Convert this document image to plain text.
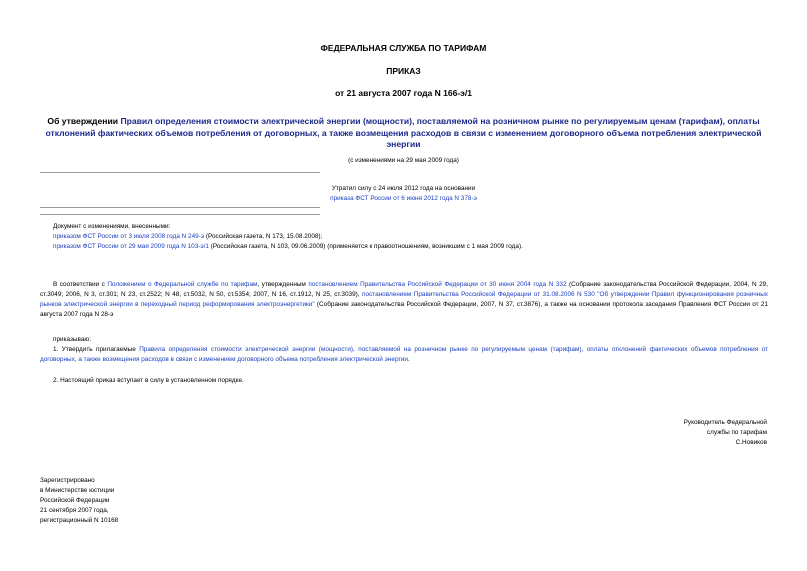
ФЕДЕРАЛЬНАЯ СЛУЖБА ПО ТАРИФАМ
ПРИКАЗ
от 21 августа 2007 года N 166-э/1
Об утверждении Правил определения стоимости электрической энергии (мощности), поставляемой на розничном рынке по регулируемым ценам (тарифам), оплаты отклонений фактических объемов потребления от договорных, а также возмещения расходов в связи с изменением договорного объема потребления электрической энергии
(с изменениями на 29 мая 2009 года)
Утратил силу с 24 июля 2012 года на основании
приказа ФСТ России от 6 июня 2012 года N 378-э
Документ с изменениями, внесенными:
приказом ФСТ России от 3 июля 2008 года N 249-э (Российская газета, N 173, 15.08.2008);
приказом ФСТ России от 29 мая 2009 года N 103-э/1 (Российская газета, N 103, 09.06.2009) (применяется к правоотношениям, возникшим с 1 мая 2009 года).
В соответствии с Положением о Федеральной службе по тарифам, утвержденным постановлением Правительства Российской Федерации от 30 июня 2004 года N 332 (Собрание законодательства Российской Федерации, 2004, N 29, ст.3049; 2006, N 3, ст.301; N 23, ст.2522; N 48, ст.5032, N 50, ст.5354; 2007, N 16, ст.1912, N 25, ст.3039), постановлением Правительства Российской Федерации от 31.08.2006 N 530 "Об утверждении Правил функционирования розничных рынков электрической энергии в переходный период реформирования электроэнергетики" (Собрание законодательства Российской Федерации, 2007, N 37, ст.3876), а также на основании протокола заседания Правления ФСТ России от 21 августа 2007 года N 28-э
приказываю:
1. Утвердить прилагаемые Правила определения стоимости электрической энергии (мощности), поставляемой на розничном рынке по регулируемым ценам (тарифам), оплаты отклонений фактических объемов потребления от договорных, а также возмещения расходов в связи с изменением договорного объема потребления электрической энергии.
2. Настоящий приказ вступает в силу в установленном порядке.
Руководитель Федеральной
службы по тарифам
С.Новиков
Зарегистрировано
в Министерстве юстиции
Российской Федерации
21 сентября 2007 года,
регистрационный N 10168
